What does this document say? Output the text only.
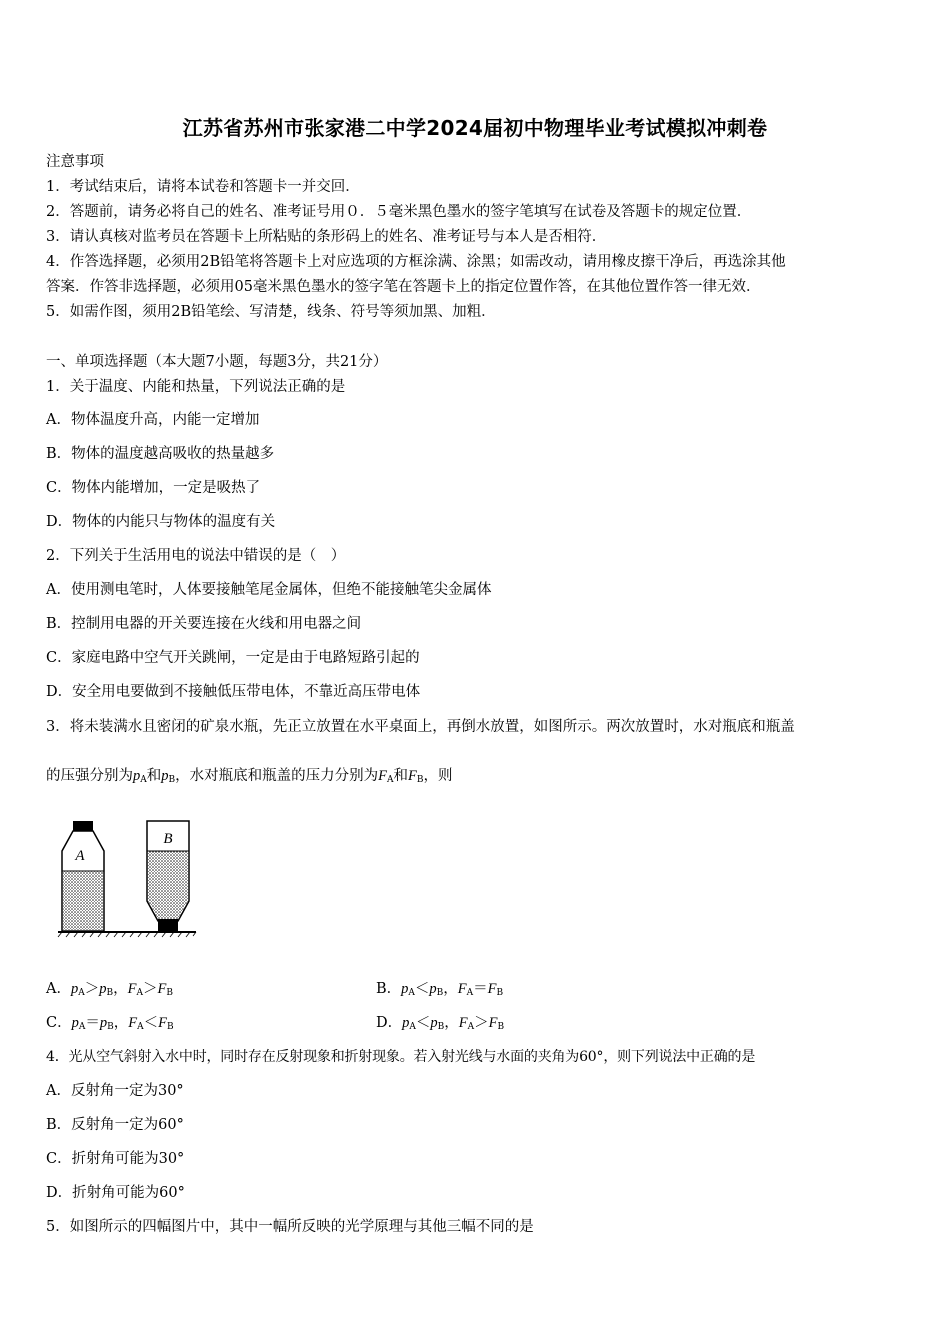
江苏省苏州市张家港二中学2024届初中物理毕业考试模拟冲刺卷
注意事项
1．考试结束后，请将本试卷和答题卡一并交回．
2．答题前，请务必将自己的姓名、准考证号用０．５毫米黑色墨水的签字笔填写在试卷及答题卡的规定位置．
3．请认真核对监考员在答题卡上所粘贴的条形码上的姓名、准考证号与本人是否相符．
4．作答选择题，必须用2B铅笔将答题卡上对应选项的方框涂满、涂黑；如需改动，请用橡皮擦干净后，再选涂其他
答案．作答非选择题，必须用05毫米黑色墨水的签字笔在答题卡上的指定位置作答，在其他位置作答一律无效．
5．如需作图，须用2B铅笔绘、写清楚，线条、符号等须加黑、加粗．
一、单项选择题（本大题7小题，每题3分，共21分）
1．关于温度、内能和热量，下列说法正确的是
A．物体温度升高，内能一定增加
B．物体的温度越高吸收的热量越多
C．物体内能增加，一定是吸热了
D．物体的内能只与物体的温度有关
2．下列关于生活用电的说法中错误的是（　）
A．使用测电笔时，人体要接触笔尾金属体，但绝不能接触笔尖金属体
B．控制用电器的开关要连接在火线和用电器之间
C．家庭电路中空气开关跳闸，一定是由于电路短路引起的
D．安全用电要做到不接触低压带电体，不靠近高压带电体
3．将未装满水且密闭的矿泉水瓶，先正立放置在水平桌面上，再倒水放置，如图所示。两次放置时，水对瓶底和瓶盖
的压强分别为$p_A$和$p_B$，水对瓶底和瓶盖的压力分别为$F_A$和$F_B$，则
A
B
A．$p_A>p_B$，$F_A>F_B$	B．$p_A<p_B$，$F_A=F_B$
C．$p_A=p_B$，$F_A<F_B$	D．$p_A<p_B$，$F_A>F_B$
4．光从空气斜射入水中时，同时存在反射现象和折射现象。若入射光线与水面的夹角为60°，则下列说法中正确的是
A．反射角一定为30°
B．反射角一定为60°
C．折射角可能为30°
D．折射角可能为60°
5．如图所示的四幅图片中，其中一幅所反映的光学原理与其他三幅不同的是
